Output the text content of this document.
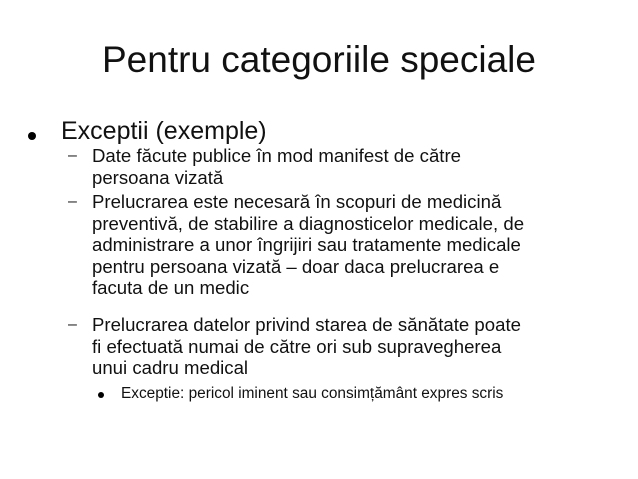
Pentru categoriile speciale
Exceptii (exemple)
– Date făcute publice în mod manifest de către
persoana vizată
– Prelucrarea este necesară în scopuri de medicină
preventivă, de stabilire a diagnosticelor medicale, de
administrare a unor îngrijiri sau tratamente medicale
pentru persoana vizată – doar daca prelucrarea e
facuta de un medic
– Prelucrarea datelor privind starea de sănătate poate
fi efectuată numai de către ori sub supravegherea
unui cadru medical
Exceptie: pericol iminent sau consimțământ expres scris
